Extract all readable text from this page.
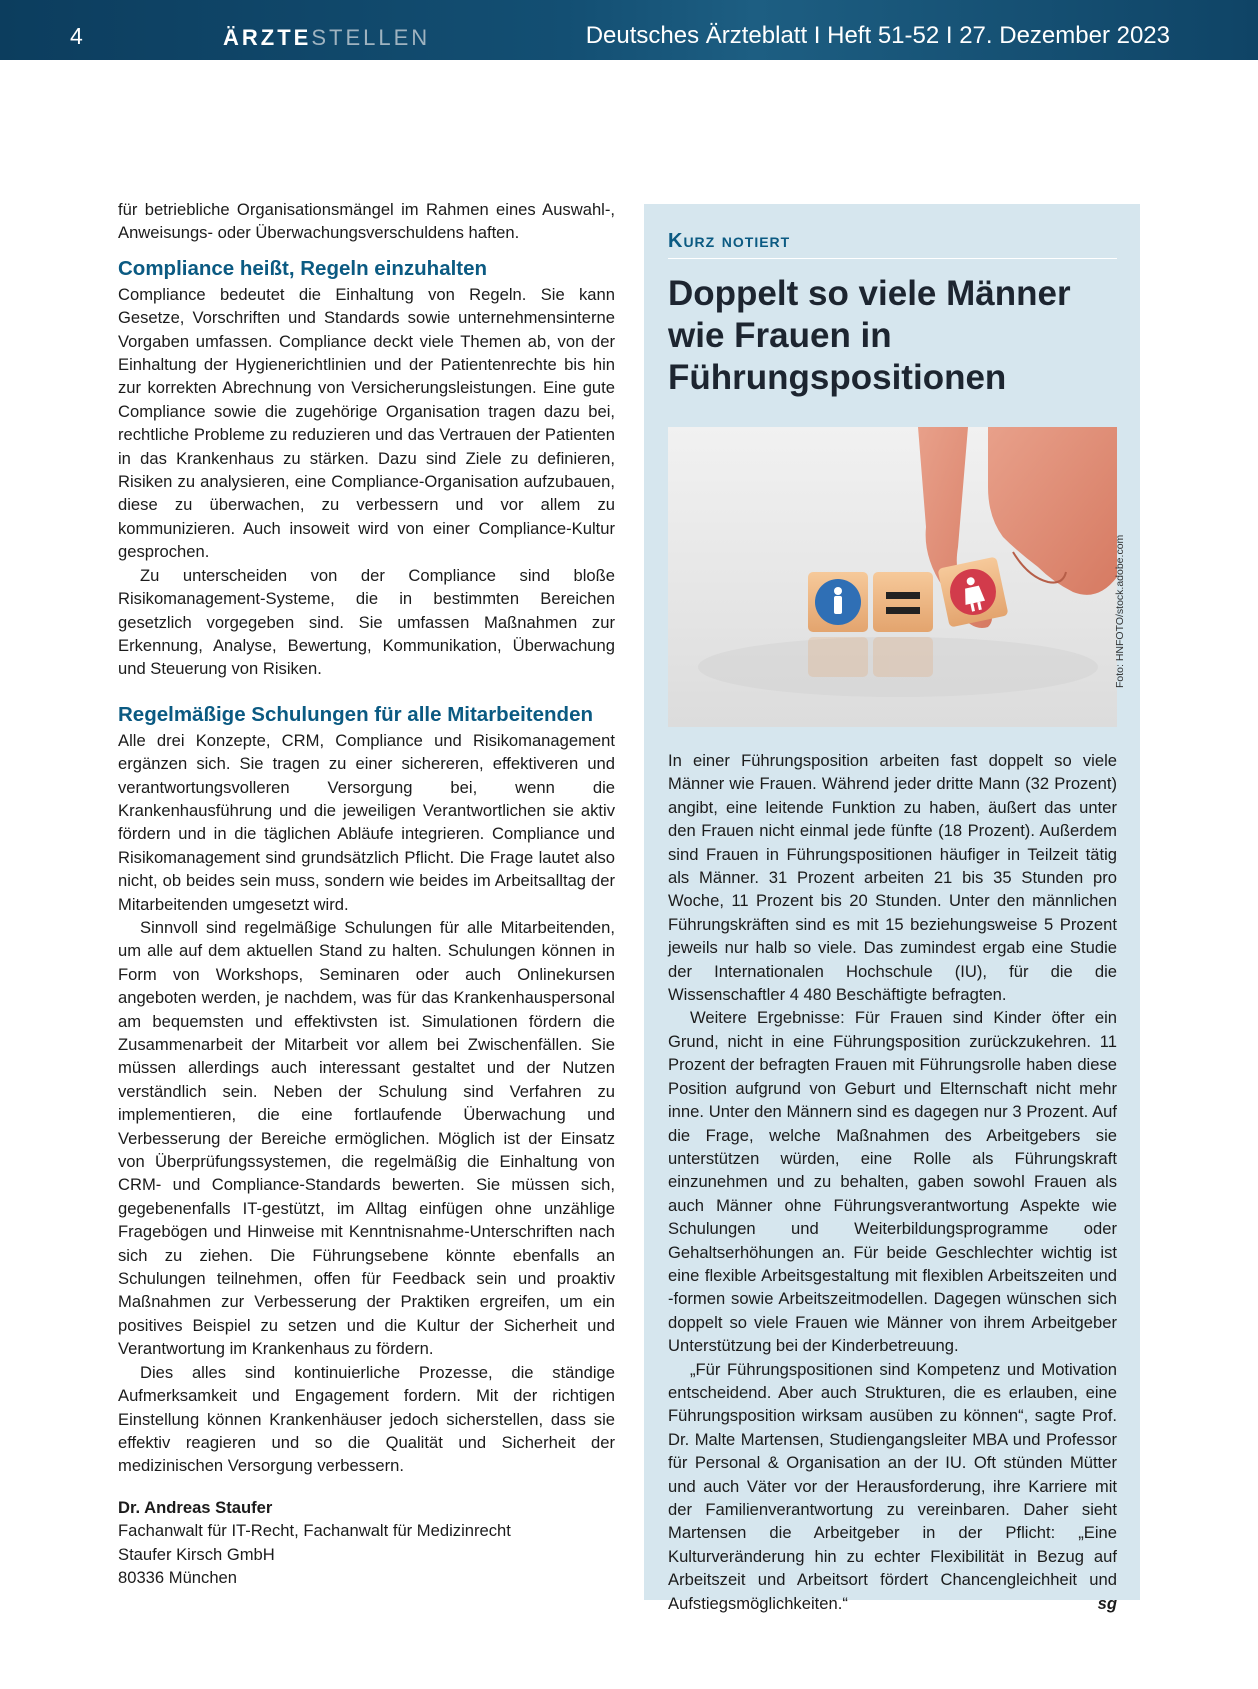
4	ÄRZTESTELLEN	Deutsches Ärzteblatt I Heft 51-52 I 27. Dezember 2023

für betriebliche Organisationsmängel im Rahmen eines Auswahl-, Anweisungs- oder Überwachungsverschuldens haften.

Compliance heißt, Regeln einzuhalten

Compliance bedeutet die Einhaltung von Regeln. Sie kann Gesetze, Vorschriften und Standards sowie unternehmensinterne Vorgaben umfassen. Compliance deckt viele Themen ab, von der Einhaltung der Hygienerichtlinien und der Patientenrechte bis hin zur korrekten Abrechnung von Versicherungsleistungen. Eine gute Compliance sowie die zugehörige Organisation tragen dazu bei, rechtliche Probleme zu reduzieren und das Vertrauen der Patienten in das Krankenhaus zu stärken. Dazu sind Ziele zu definieren, Risiken zu analysieren, eine Compliance-Organisation aufzubauen, diese zu überwachen, zu verbessern und vor allem zu kommunizieren. Auch insoweit wird von einer Compliance-Kultur gesprochen.

Zu unterscheiden von der Compliance sind bloße Risikomanagement-Systeme, die in bestimmten Bereichen gesetzlich vorgegeben sind. Sie umfassen Maßnahmen zur Erkennung, Analyse, Bewertung, Kommunikation, Überwachung und Steuerung von Risiken.

Regelmäßige Schulungen für alle Mitarbeitenden

Alle drei Konzepte, CRM, Compliance und Risikomanagement ergänzen sich. Sie tragen zu einer sichereren, effektiveren und verantwortungsvolleren Versorgung bei, wenn die Krankenhausführung und die jeweiligen Verantwortlichen sie aktiv fördern und in die täglichen Abläufe integrieren. Compliance und Risikomanagement sind grundsätzlich Pflicht. Die Frage lautet also nicht, ob beides sein muss, sondern wie beides im Arbeitsalltag der Mitarbeitenden umgesetzt wird.

Sinnvoll sind regelmäßige Schulungen für alle Mitarbeitenden, um alle auf dem aktuellen Stand zu halten. Schulungen können in Form von Workshops, Seminaren oder auch Onlinekursen angeboten werden, je nachdem, was für das Krankenhauspersonal am bequemsten und effektivsten ist. Simulationen fördern die Zusammenarbeit der Mitarbeit vor allem bei Zwischenfällen. Sie müssen allerdings auch interessant gestaltet und der Nutzen verständlich sein. Neben der Schulung sind Verfahren zu implementieren, die eine fortlaufende Überwachung und Verbesserung der Bereiche ermöglichen. Möglich ist der Einsatz von Überprüfungssystemen, die regelmäßig die Einhaltung von CRM- und Compliance-Standards bewerten. Sie müssen sich, gegebenenfalls IT-gestützt, im Alltag einfügen ohne unzählige Fragebögen und Hinweise mit Kenntnisnahme-Unterschriften nach sich zu ziehen. Die Führungsebene könnte ebenfalls an Schulungen teilnehmen, offen für Feedback sein und proaktiv Maßnahmen zur Verbesserung der Praktiken ergreifen, um ein positives Beispiel zu setzen und die Kultur der Sicherheit und Verantwortung im Krankenhaus zu fördern.

Dies alles sind kontinuierliche Prozesse, die ständige Aufmerksamkeit und Engagement fordern. Mit der richtigen Einstellung können Krankenhäuser jedoch sicherstellen, dass sie effektiv reagieren und so die Qualität und Sicherheit der medizinischen Versorgung verbessern.

Dr. Andreas Staufer
Fachanwalt für IT-Recht, Fachanwalt für Medizinrecht
Staufer Kirsch GmbH
80336 München
Kurz notiert
Doppelt so viele Männer wie Frauen in Führungspositionen

In einer Führungsposition arbeiten fast doppelt so viele Männer wie Frauen. Während jeder dritte Mann (32 Prozent) angibt, eine leitende Funktion zu haben, äußert das unter den Frauen nicht einmal jede fünfte (18 Prozent). Außerdem sind Frauen in Führungspositionen häufiger in Teilzeit tätig als Männer. 31 Prozent arbeiten 21 bis 35 Stunden pro Woche, 11 Prozent bis 20 Stunden. Unter den männlichen Führungskräften sind es mit 15 beziehungsweise 5 Prozent jeweils nur halb so viele. Das zumindest ergab eine Studie der Internationalen Hochschule (IU), für die die Wissenschaftler 4 480 Beschäftigte befragten.

Weitere Ergebnisse: Für Frauen sind Kinder öfter ein Grund, nicht in eine Führungsposition zurückzukehren. 11 Prozent der befragten Frauen mit Führungsrolle haben diese Position aufgrund von Geburt und Elternschaft nicht mehr inne. Unter den Männern sind es dagegen nur 3 Prozent. Auf die Frage, welche Maßnahmen des Arbeitgebers sie unterstützen würden, eine Rolle als Führungskraft einzunehmen und zu behalten, gaben sowohl Frauen als auch Männer ohne Führungsverantwortung Aspekte wie Schulungen und Weiterbildungsprogramme oder Gehaltserhöhungen an. Für beide Geschlechter wichtig ist eine flexible Arbeitsgestaltung mit flexiblen Arbeitszeiten und -formen sowie Arbeitszeitmodellen. Dagegen wünschen sich doppelt so viele Frauen wie Männer von ihrem Arbeitgeber Unterstützung bei der Kinderbetreuung.

„Für Führungspositionen sind Kompetenz und Motivation entscheidend. Aber auch Strukturen, die es erlauben, eine Führungsposition wirksam ausüben zu können“, sagte Prof. Dr. Malte Martensen, Studiengangsleiter MBA und Professor für Personal & Organisation an der IU. Oft stünden Mütter und auch Väter vor der Herausforderung, ihre Karriere mit der Familienverantwortung zu vereinbaren. Daher sieht Martensen die Arbeitgeber in der Pflicht: „Eine Kulturveränderung hin zu echter Flexibilität in Bezug auf Arbeitszeit und Arbeitsort fördert Chancengleichheit und Aufstiegsmöglichkeiten.“	sg

Foto: HNFOTO/stock.adobe.com
